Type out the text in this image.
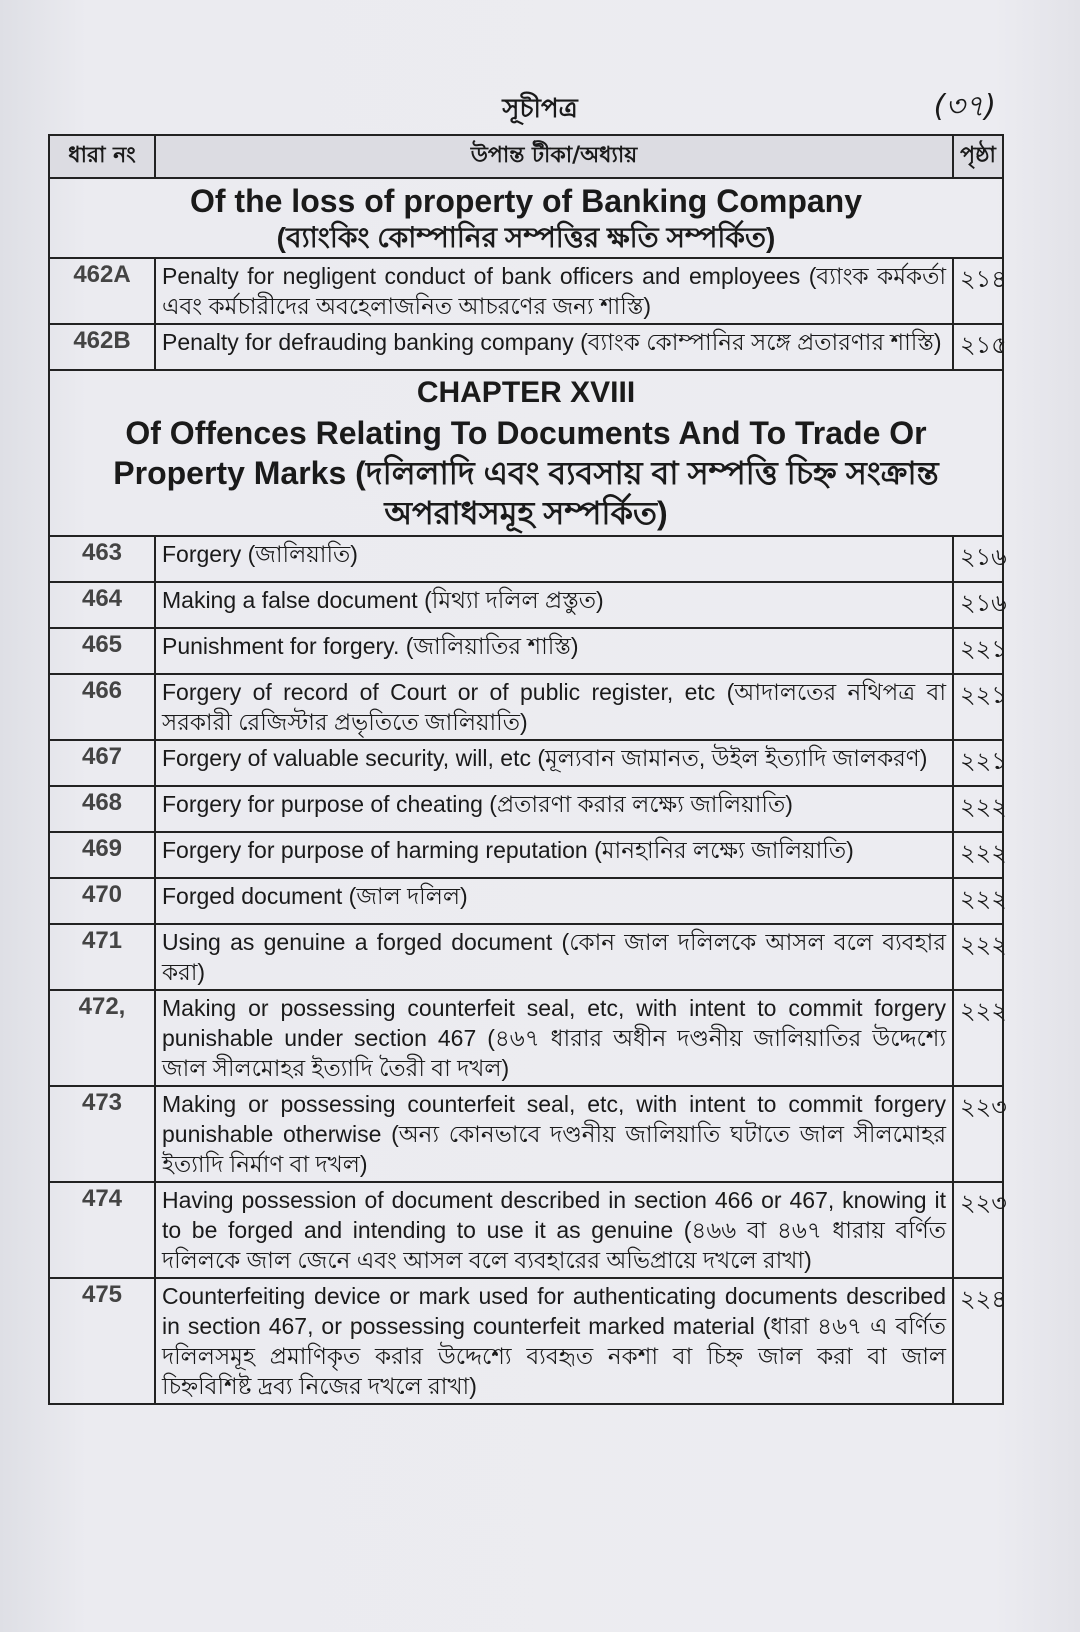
সূচীপত্র	(৩৭)
ধারা নং	উপান্ত টীকা/অধ্যায়	পৃষ্ঠা

Of the loss of property of Banking Company
(ব্যাংকিং কোম্পানির সম্পত্তির ক্ষতি সম্পর্কিত)		

462A	Penalty for negligent conduct of bank officers and employees (ব্যাংক কর্মকর্তা এবং কর্মচারীদের অবহেলাজনিত আচরণের জন্য শাস্তি)	২১৪
462B	Penalty for defrauding banking company (ব্যাংক কোম্পানির সঙ্গে প্রতারণার শাস্তি)	২১৫

CHAPTER XVIII
Of Offences Relating To Documents And To Trade Or Property Marks (দলিলাদি এবং ব্যবসায় বা সম্পত্তি চিহ্ন সংক্রান্ত অপরাধসমূহ সম্পর্কিত)		

463	Forgery (জালিয়াতি)	২১৬
464	Making a false document (মিথ্যা দলিল প্রস্তুত)	২১৬
465	Punishment for forgery. (জালিয়াতির শাস্তি)	২২১
466	Forgery of record of Court or of public register, etc (আদালতের নথিপত্র বা সরকারী রেজিস্টার প্রভৃতিতে জালিয়াতি)	২২১
467	Forgery of valuable security, will, etc (মূল্যবান জামানত, উইল ইত্যাদি জালকরণ)	২২১
468	Forgery for purpose of cheating (প্রতারণা করার লক্ষ্যে জালিয়াতি)	২২২
469	Forgery for purpose of harming reputation (মানহানির লক্ষ্যে জালিয়াতি)	২২২
470	Forged document (জাল দলিল)	২২২
471	Using as genuine a forged document (কোন জাল দলিলকে আসল বলে ব্যবহার করা)	২২২
472,	Making or possessing counterfeit seal, etc, with intent to commit forgery punishable under section 467 (৪৬৭ ধারার অধীন দণ্ডনীয় জালিয়াতির উদ্দেশ্যে জাল সীলমোহর ইত্যাদি তৈরী বা দখল)	২২২
473	Making or possessing counterfeit seal, etc, with intent to commit forgery punishable otherwise (অন্য কোনভাবে দণ্ডনীয় জালিয়াতি ঘটাতে জাল সীলমোহর ইত্যাদি নির্মাণ বা দখল)	২২৩
474	Having possession of document described in section 466 or 467, knowing it to be forged and intending to use it as genuine (৪৬৬ বা ৪৬৭ ধারায় বর্ণিত দলিলকে জাল জেনে এবং আসল বলে ব্যবহারের অভিপ্রায়ে দখলে রাখা)	২২৩
475	Counterfeiting device or mark used for authenticating documents described in section 467, or possessing counterfeit marked material (ধারা ৪৬৭ এ বর্ণিত দলিলসমূহ প্রমাণিকৃত করার উদ্দেশ্যে ব্যবহৃত নকশা বা চিহ্ন জাল করা বা জাল চিহ্নবিশিষ্ট দ্রব্য নিজের দখলে রাখা)	২২৪
